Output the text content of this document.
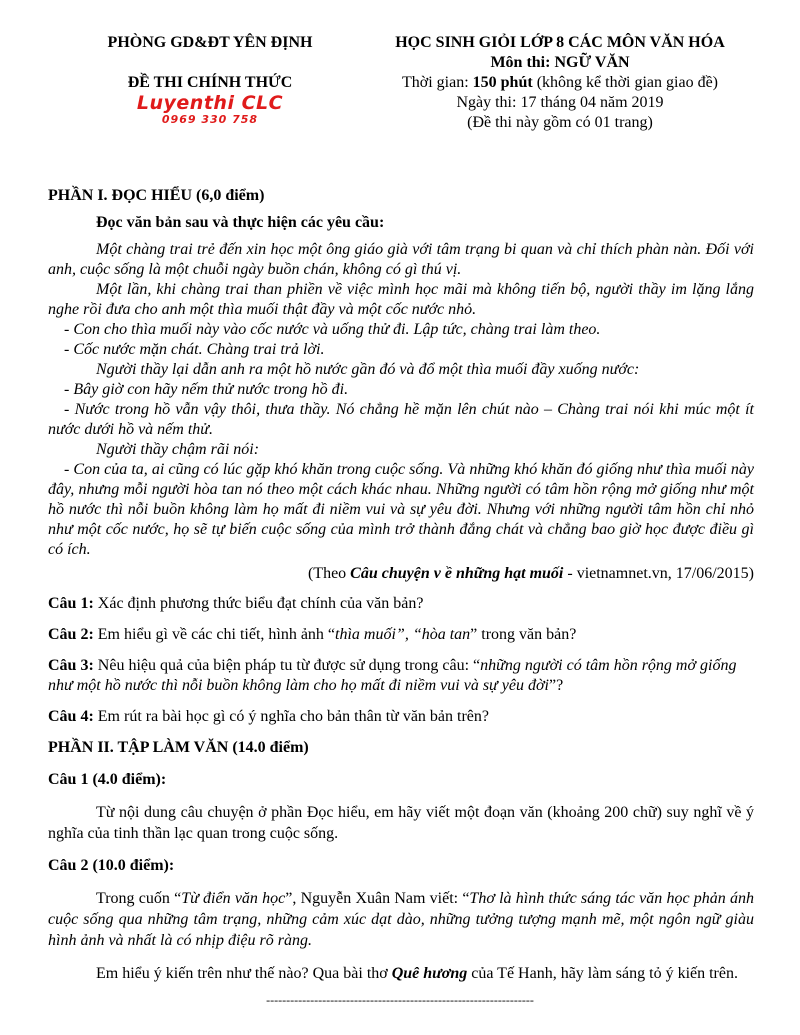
PHÒNG GD&ĐT YÊN ĐỊNH
ĐỀ THI CHÍNH THỨC
Luyenthi CLC
0969 330 758
HỌC SINH GIỎI LỚP 8 CÁC MÔN VĂN HÓA
Môn thi: NGỮ VĂN
Thời gian: 150 phút (không kể thời gian giao đề)
Ngày thi: 17 tháng 04 năm 2019
(Đề thi này gồm có 01 trang)
PHẦN I. ĐỌC HIỂU (6,0 điểm)
Đọc văn bản sau và thực hiện các yêu cầu:

Một chàng trai trẻ đến xin học một ông giáo già với tâm trạng bi quan và chỉ thích phàn nàn. Đối với anh, cuộc sống là một chuỗi ngày buồn chán, không có gì thú vị.

Một lần, khi chàng trai than phiền về việc mình học mãi mà không tiến bộ, người thầy im lặng lắng nghe rồi đưa cho anh một thìa muối thật đầy và một cốc nước nhỏ.

- Con cho thìa muối này vào cốc nước và uống thử đi. Lập tức, chàng trai làm theo.

- Cốc nước mặn chát. Chàng trai trả lời.

Người thầy lại dẫn anh ra một hồ nước gần đó và đổ một thìa muối đầy xuống nước:

- Bây giờ con hãy nếm thử nước trong hồ đi.

- Nước trong hồ vẫn vậy thôi, thưa thầy. Nó chẳng hề mặn lên chút nào – Chàng trai nói khi múc một ít nước dưới hồ và nếm thử.

Người thầy chậm rãi nói:

- Con của ta, ai cũng có lúc gặp khó khăn trong cuộc sống. Và những khó khăn đó giống như thìa muối này đây, nhưng mỗi người hòa tan nó theo một cách khác nhau. Những người có tâm hồn rộng mở giống như một hồ nước thì nỗi buồn không làm họ mất đi niềm vui và sự yêu đời. Nhưng với những người tâm hồn chỉ nhỏ như một cốc nước, họ sẽ tự biến cuộc sống của mình trở thành đắng chát và chẳng bao giờ học được điều gì có ích.

(Theo Câu chuyện v ề những hạt muối - vietnamnet.vn, 17/06/2015)
Câu 1: Xác định phương thức biểu đạt chính của văn bản?
Câu 2: Em hiểu gì về các chi tiết, hình ảnh “thìa muối”, “hòa tan” trong văn bản?
Câu 3: Nêu hiệu quả của biện pháp tu từ được sử dụng trong câu: “những người có tâm hồn rộng mở giống như một hồ nước thì nỗi buồn không làm cho họ mất đi niềm vui và sự yêu đời”?
Câu 4: Em rút ra bài học gì có ý nghĩa cho bản thân từ văn bản trên?
PHẦN II. TẬP LÀM VĂN (14.0 điểm)
Câu 1 (4.0 điểm):
Từ nội dung câu chuyện ở phần Đọc hiểu, em hãy viết một đoạn văn (khoảng 200 chữ) suy nghĩ về ý nghĩa của tinh thần lạc quan trong cuộc sống.
Câu 2 (10.0 điểm):
Trong cuốn “Từ điển văn học”, Nguyễn Xuân Nam viết: “Thơ là hình thức sáng tác văn học phản ánh cuộc sống qua những tâm trạng, những cảm xúc dạt dào, những tưởng tượng mạnh mẽ, một ngôn ngữ giàu hình ảnh và nhất là có nhịp điệu rõ ràng.
Em hiểu ý kiến trên như thế nào? Qua bài thơ Quê hương của Tế Hanh, hãy làm sáng tỏ ý kiến trên.
-------------------------------------------------------------------
